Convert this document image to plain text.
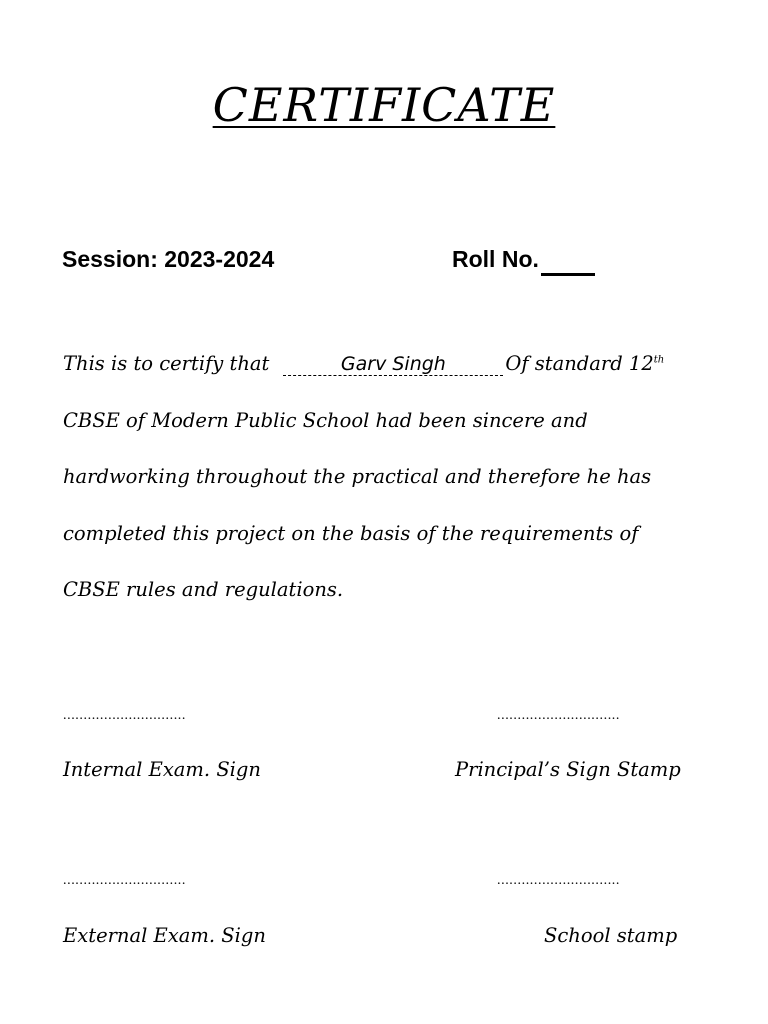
CERTIFICATE
Session: 2023-2024	Roll No.
This is to certify that	Garv Singh	Of standard 12th
CBSE of Modern Public School had been sincere and
hardworking throughout the practical and therefore he has
completed this project on the basis of the requirements of
CBSE rules and regulations.
..............................	..............................
Internal Exam. Sign	Principal’s Sign Stamp
..............................	..............................
External Exam. Sign	School stamp
